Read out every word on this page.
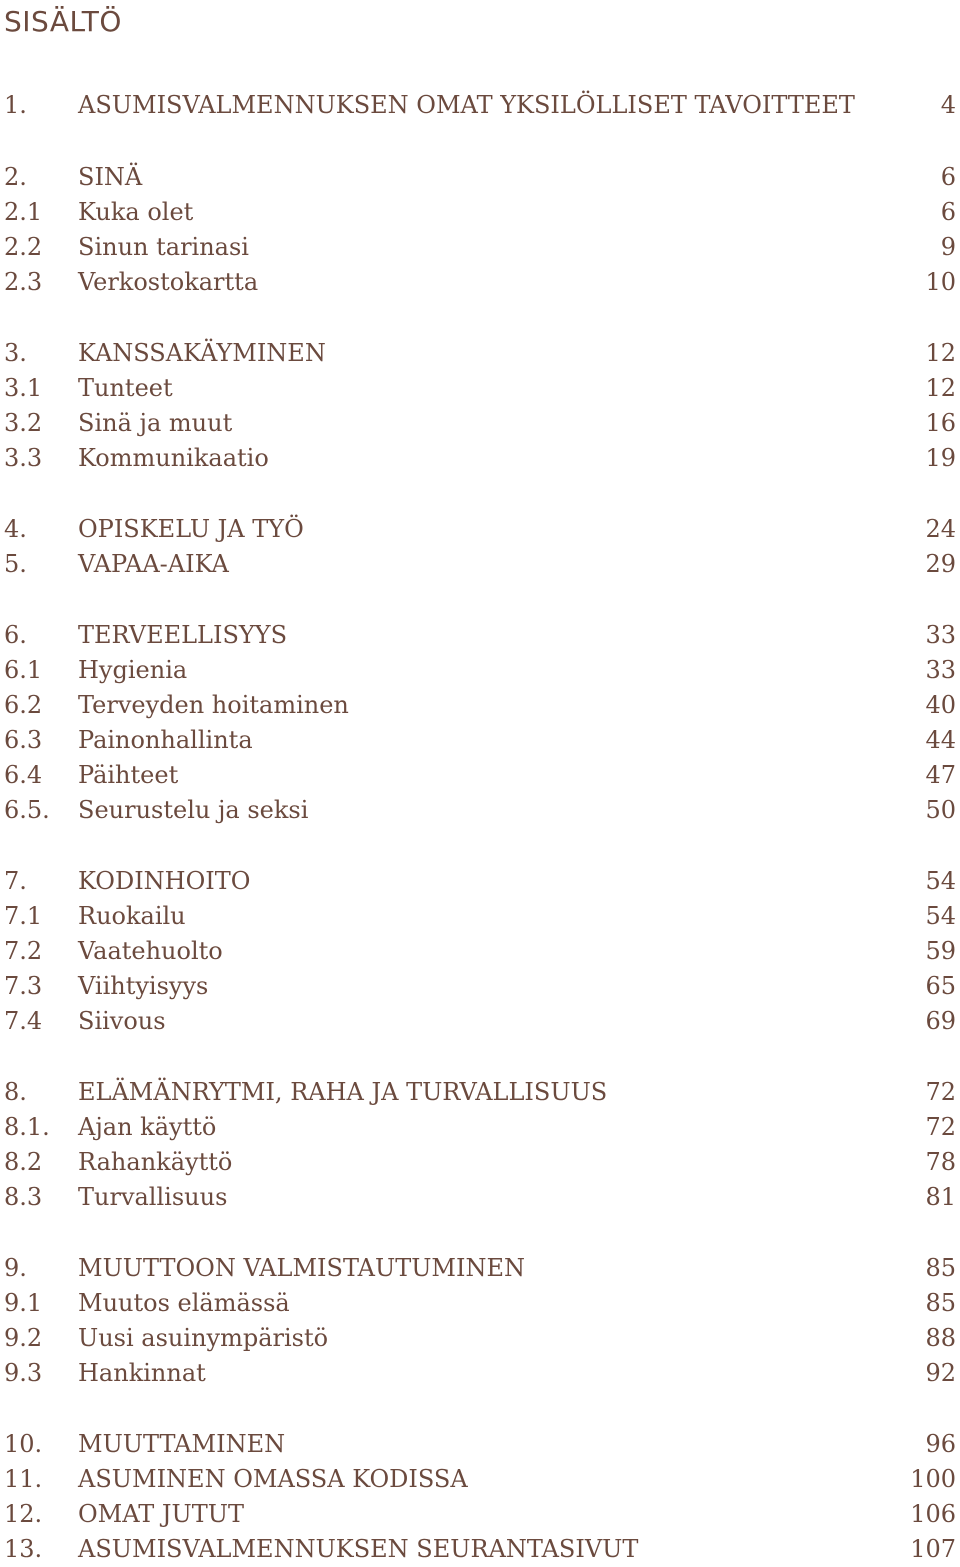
SISÄLTÖ
1. ASUMISVALMENNUKSEN OMAT YKSILÖLLISET TAVOITTEET	4
2. SINÄ	6
2.1 Kuka olet	6
2.2 Sinun tarinasi	9
2.3 Verkostokartta	10
3. KANSSAKÄYMINEN	12
3.1 Tunteet	12
3.2 Sinä ja muut	16
3.3 Kommunikaatio	19
4. OPISKELU JA TYÖ	24
5. VAPAA-AIKA	29
6. TERVEELLISYYS	33
6.1 Hygienia	33
6.2 Terveyden hoitaminen	40
6.3 Painonhallinta	44
6.4 Päihteet	47
6.5. Seurustelu ja seksi	50
7. KODINHOITO	54
7.1 Ruokailu	54
7.2 Vaatehuolto	59
7.3 Viihtyisyys	65
7.4 Siivous	69
8. ELÄMÄNRYTMI, RAHA JA TURVALLISUUS	72
8.1. Ajan käyttö	72
8.2 Rahankäyttö	78
8.3 Turvallisuus	81
9. MUUTTOON VALMISTAUTUMINEN	85
9.1 Muutos elämässä	85
9.2 Uusi asuinympäristö	88
9.3 Hankinnat	92
10. MUUTTAMINEN	96
11. ASUMINEN OMASSA KODISSA	100
12. OMAT JUTUT	106
13. ASUMISVALMENNUKSEN SEURANTASIVUT	107
